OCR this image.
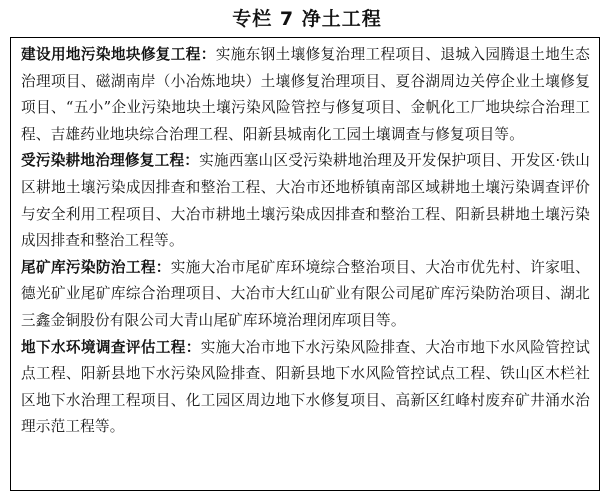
专栏 7 净土工程

建设用地污染地块修复工程：实施东钢土壤修复治理工程项目、退城入园腾退土地生态治理项目、磁湖南岸（小冶炼地块）土壤修复治理项目、夏谷湖周边关停企业土壤修复项目、“五小”企业污染地块土壤污染风险管控与修复项目、金帆化工厂地块综合治理工程、吉雄药业地块综合治理工程、阳新县城南化工园土壤调查与修复项目等。

受污染耕地治理修复工程：实施西塞山区受污染耕地治理及开发保护项目、开发区·铁山区耕地土壤污染成因排查和整治工程、大冶市还地桥镇南部区域耕地土壤污染调查评价与安全利用工程项目、大冶市耕地土壤污染成因排查和整治工程、阳新县耕地土壤污染成因排查和整治工程等。

尾矿库污染防治工程：实施大冶市尾矿库环境综合整治项目、大冶市优先村、许家咀、德光矿业尾矿库综合治理项目、大冶市大红山矿业有限公司尾矿库污染防治项目、湖北三鑫金铜股份有限公司大青山尾矿库环境治理闭库项目等。

地下水环境调查评估工程：实施大冶市地下水污染风险排查、大冶市地下水风险管控试点工程、阳新县地下水污染风险排查、阳新县地下水风险管控试点工程、铁山区木栏社区地下水治理工程项目、化工园区周边地下水修复项目、高新区红峰村废弃矿井涌水治理示范工程等。
